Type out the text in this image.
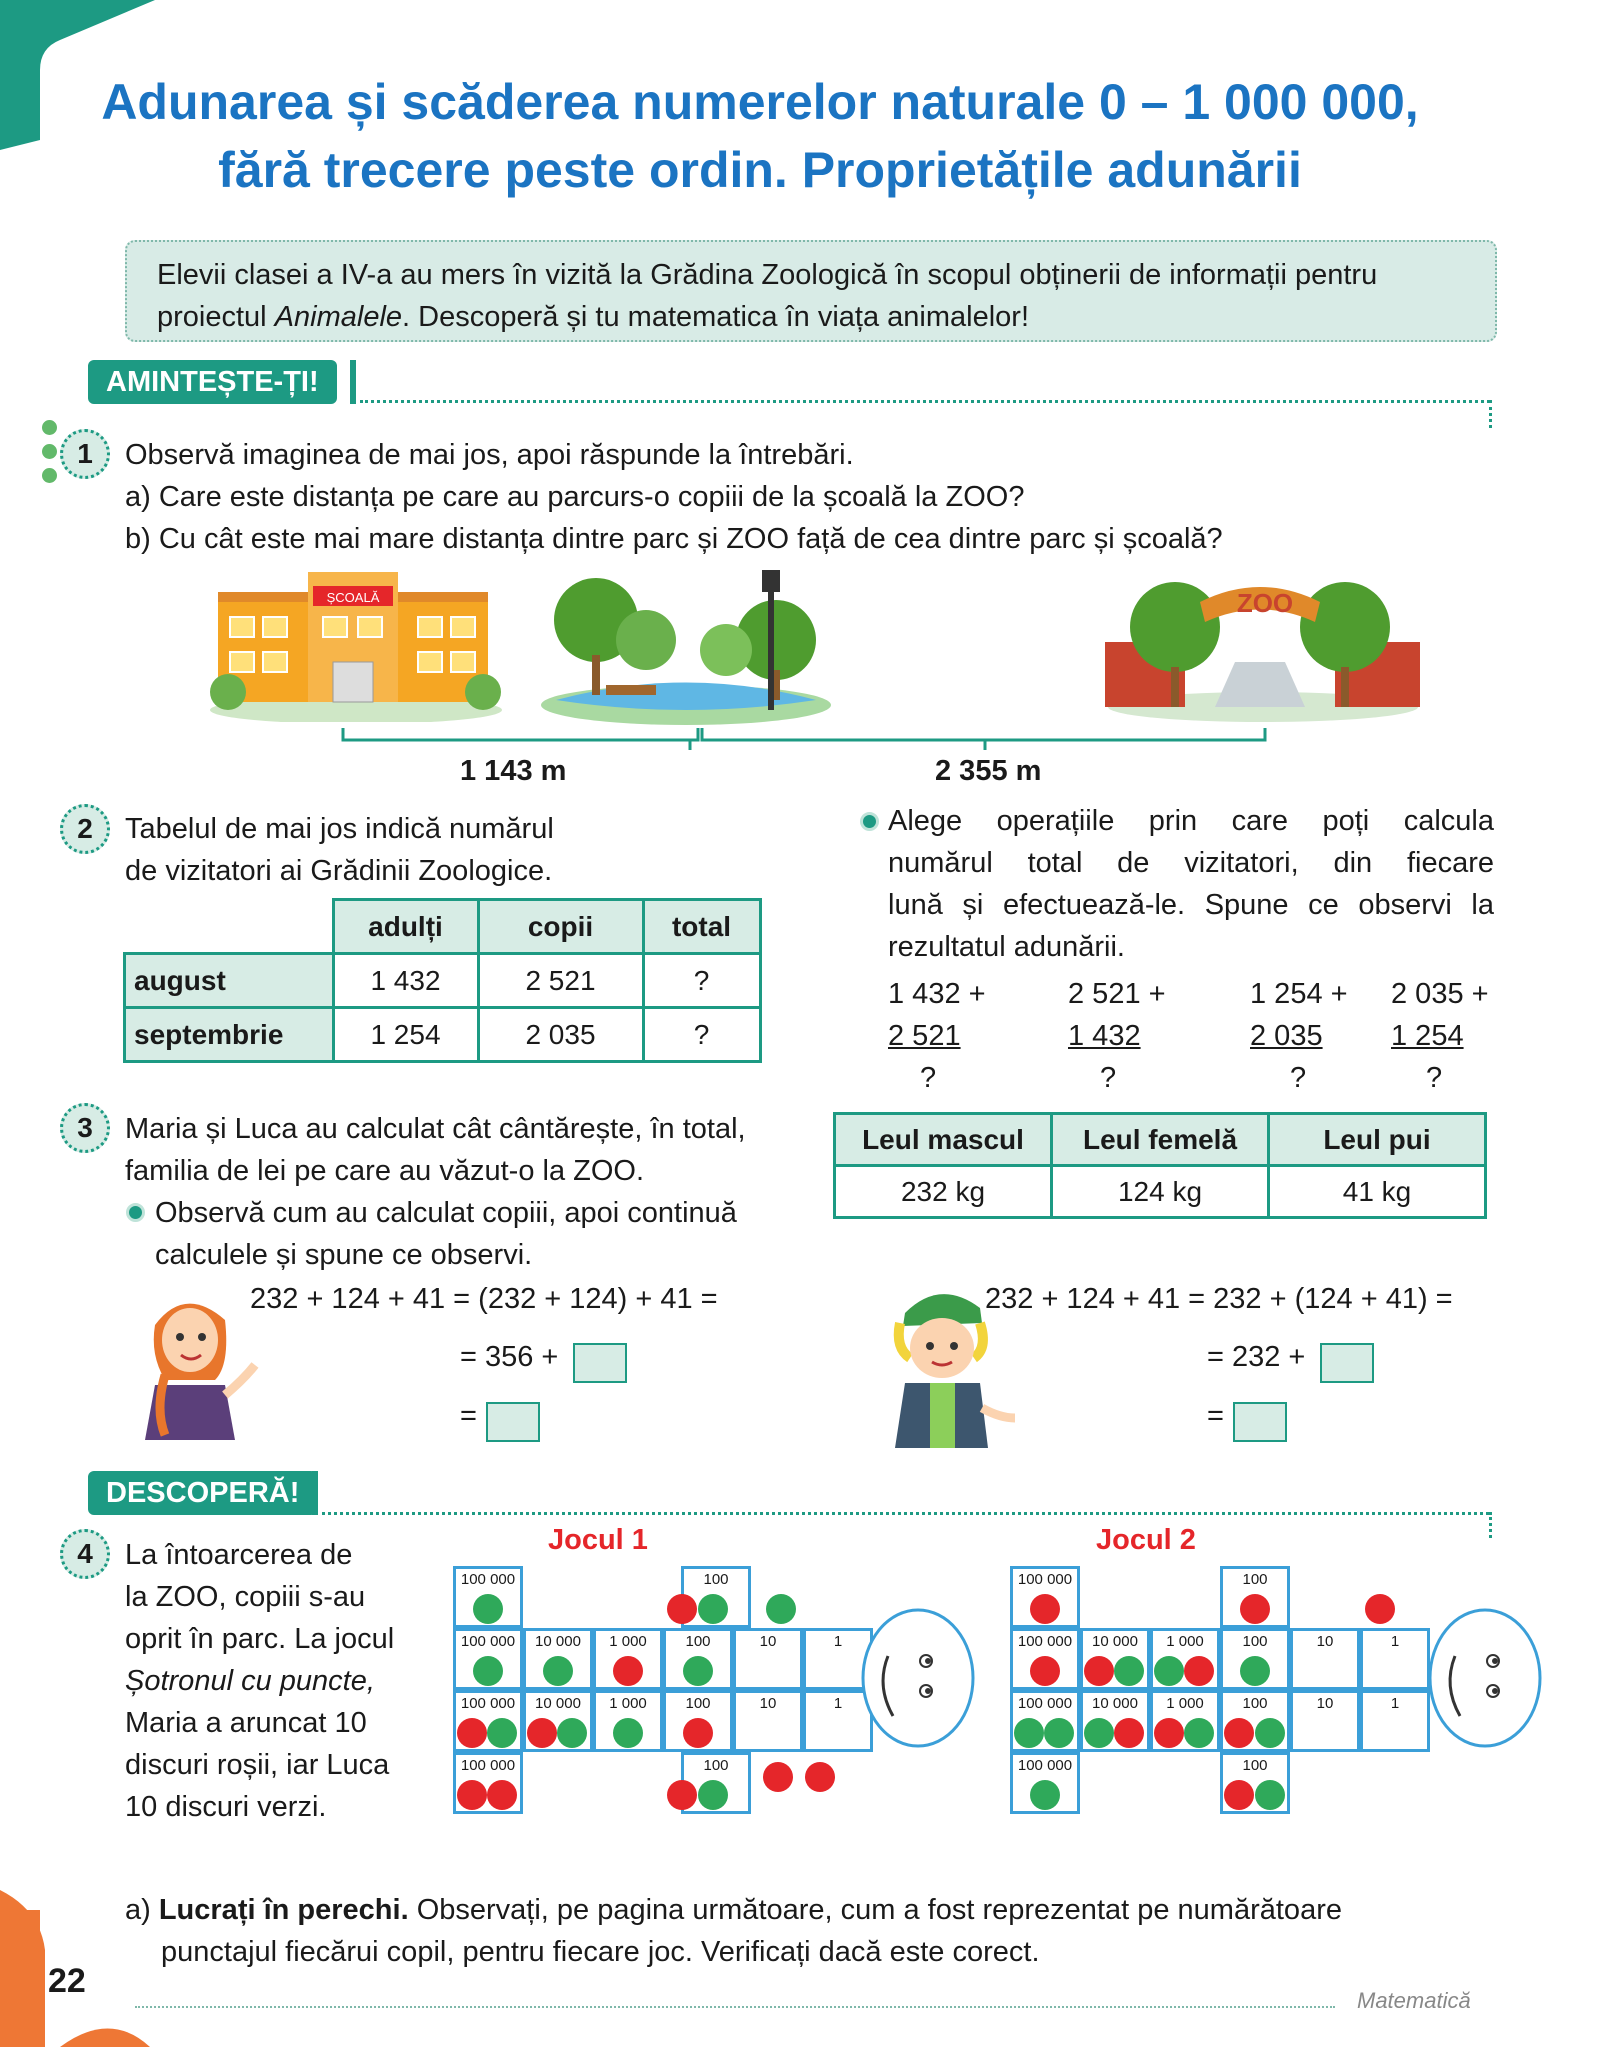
Adunarea și scăderea numerelor naturale 0 – 1 000 000,
fără trecere peste ordin. Proprietățile adunării
Elevii clasei a IV-a au mers în vizită la Grădina Zoologică în scopul obținerii de informații pentru
proiectul Animalele. Descoperă și tu matematica în viața animalelor!
AMINTEȘTE-ȚI!
1	Observă imaginea de mai jos, apoi răspunde la întrebări.
a) Care este distanța pe care au parcurs-o copiii de la școală la ZOO?
b) Cu cât este mai mare distanța dintre parc și ZOO față de cea dintre parc și școală?
ȘCOALĂ	ZOO
1 143 m	2 355 m
2	Tabelul de mai jos indică numărul
de vizitatori ai Grădinii Zoologice.
	adulți	copii	total
august	1 432	2 521	?
septembrie	1 254	2 035	?
Alege operațiile prin care poți calcula
numărul total de vizitatori, din fiecare
lună și efectuează-le. Spune ce observi la
rezultatul adunării.
1 432 +
2 521
?
2 521 +
1 432
?
1 254 +
2 035
?
2 035 +
1 254
?
3	Maria și Luca au calculat cât cântărește, în total,
familia de lei pe care au văzut-o la ZOO.
Observă cum au calculat copiii, apoi continuă
calculele și spune ce observi.
Leul mascul	Leul femelă	Leul pui
232 kg	124 kg	41 kg
232 + 124 + 41 = (232 + 124) + 41 =
= 356 +
=
232 + 124 + 41 = 232 + (124 + 41) =
= 232 +
=
DESCOPERĂ!
4	La întoarcerea de
la ZOO, copiii s-au
oprit în parc. La jocul
Șotronul cu puncte,
Maria a aruncat 10
discuri roșii, iar Luca
10 discuri verzi.
Jocul 1	Jocul 2
100 000	100
100 000	10 000	1 000	100	10	1
100 000	10 000	1 000	100	10	1
100 000	100
100 000	100
100 000	10 000	1 000	100	10	1
100 000	10 000	1 000	100	10	1
100 000	100
a) Lucrați în perechi. Observați, pe pagina următoare, cum a fost reprezentat pe numărătoare
punctajul fiecărui copil, pentru fiecare joc. Verificați dacă este corect.
22
Matematică
